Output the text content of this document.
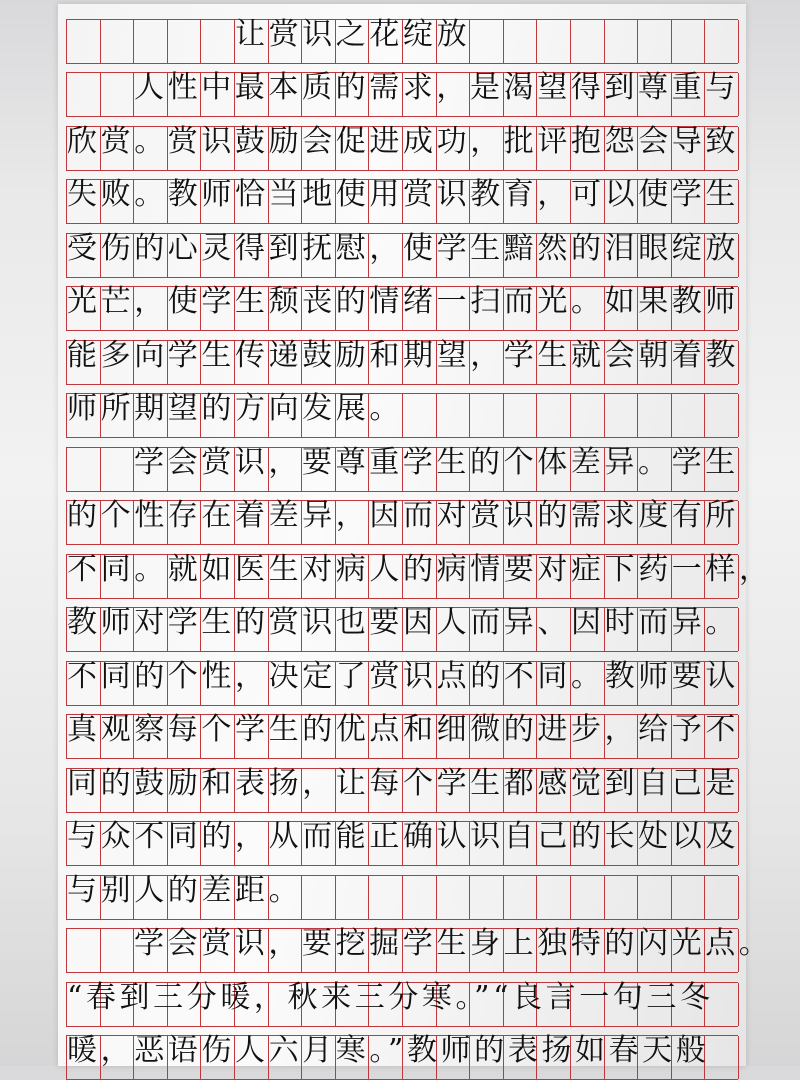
让赏识之花绽放
人性中最本质的需求，是渴望得到尊重与
欣赏。赏识鼓励会促进成功，批评抱怨会导致
失败。教师恰当地使用赏识教育，可以使学生
受伤的心灵得到抚慰，使学生黯然的泪眼绽放
光芒，使学生颓丧的情绪一扫而光。如果教师
能多向学生传递鼓励和期望，学生就会朝着教
师所期望的方向发展。
学会赏识，要尊重学生的个体差异。学生
的个性存在着差异，因而对赏识的需求度有所
不同。就如医生对病人的病情要对症下药一样，
教师对学生的赏识也要因人而异、因时而异。
不同的个性，决定了赏识点的不同。教师要认
真观察每个学生的优点和细微的进步，给予不
同的鼓励和表扬，让每个学生都感觉到自己是
与众不同的，从而能正确认识自己的长处以及
与别人的差距。
学会赏识，要挖掘学生身上独特的闪光点。
“春到三分暖，秋来三分寒。”“良言一句三冬
暖，恶语伤人六月寒。”教师的表扬如春天般
